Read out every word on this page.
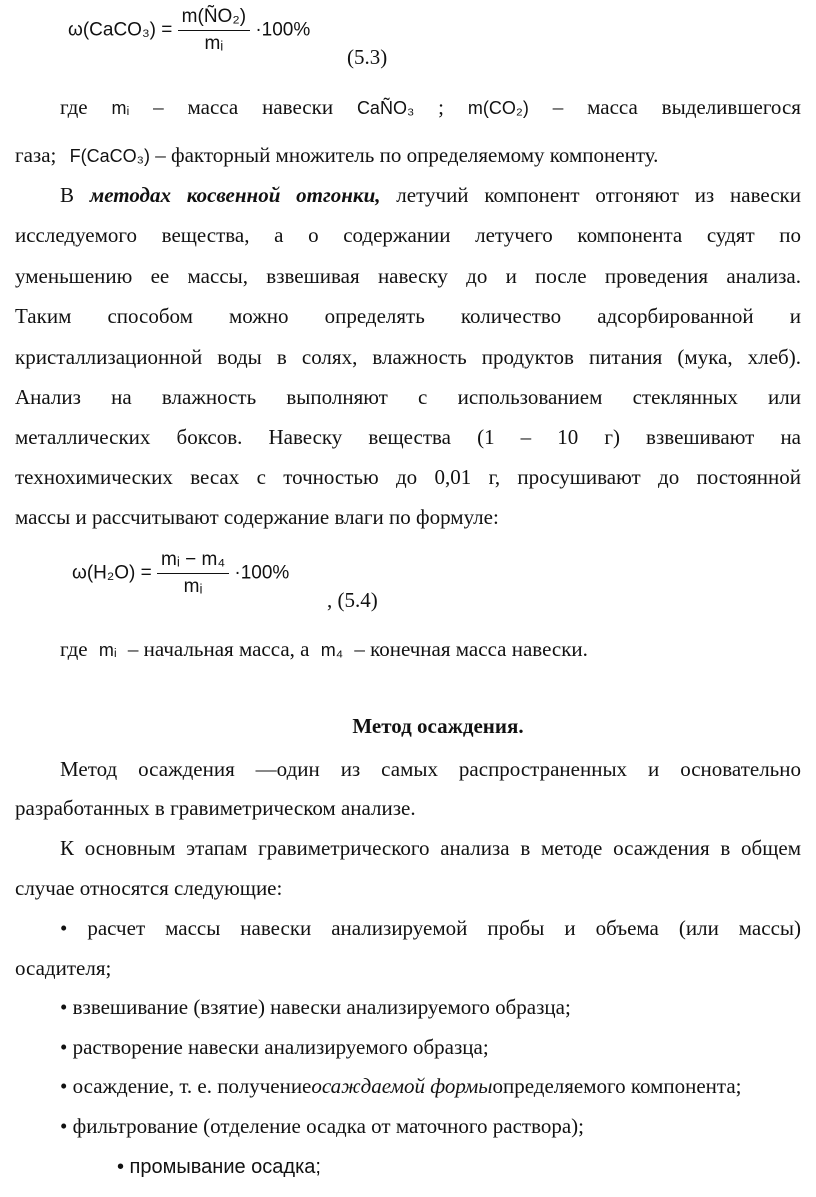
ω(CaCO₃) = $\frac{\text{m(ÑO₂)}}{\text{mᵢ}} \cdot 100\%$
(5.3)
где mᵢ – масса навески CaÑO₃ ; m(CO₂) – масса выделившегося
газа; F(CaCO₃) – факторный множитель по определяемому компоненту.
В методах косвенной отгонки, летучий компонент отгоняют из навески
исследуемого вещества, а о содержании летучего компонента судят по
уменьшению ее массы, взвешивая навеску до и после проведения анализа.
Таким способом можно определять количество адсорбированной и
кристаллизационной воды в солях, влажность продуктов питания (мука, хлеб).
Анализ на влажность выполняют с использованием стеклянных или
металлических боксов. Навеску вещества (1 – 10 г) взвешивают на
технохимических весах с точностью до 0,01 г, просушивают до постоянной
массы и рассчитывают содержание влаги по формуле:
$\omega(H_2O) = \frac{\text{mᵢ − m₄}}{\text{mᵢ}} \cdot 100\%$
, (5.4)
где mᵢ – начальная масса, а m₄ – конечная масса навески.
Метод осаждения.
Метод осаждения —один из самых распространенных и основательно
разработанных в гравиметрическом анализе.
К основным этапам гравиметрического анализа в методе осаждения в общем
случае относятся следующие:
• расчет массы навески анализируемой пробы и объема (или массы)
осадителя;
• взвешивание (взятие) навески анализируемого образца;
• растворение навески анализируемого образца;
• осаждение, т. е. получениеосаждаемой формыопределяемого компонента;
• фильтрование (отделение осадка от маточного раствора);
• промывание осадка;
